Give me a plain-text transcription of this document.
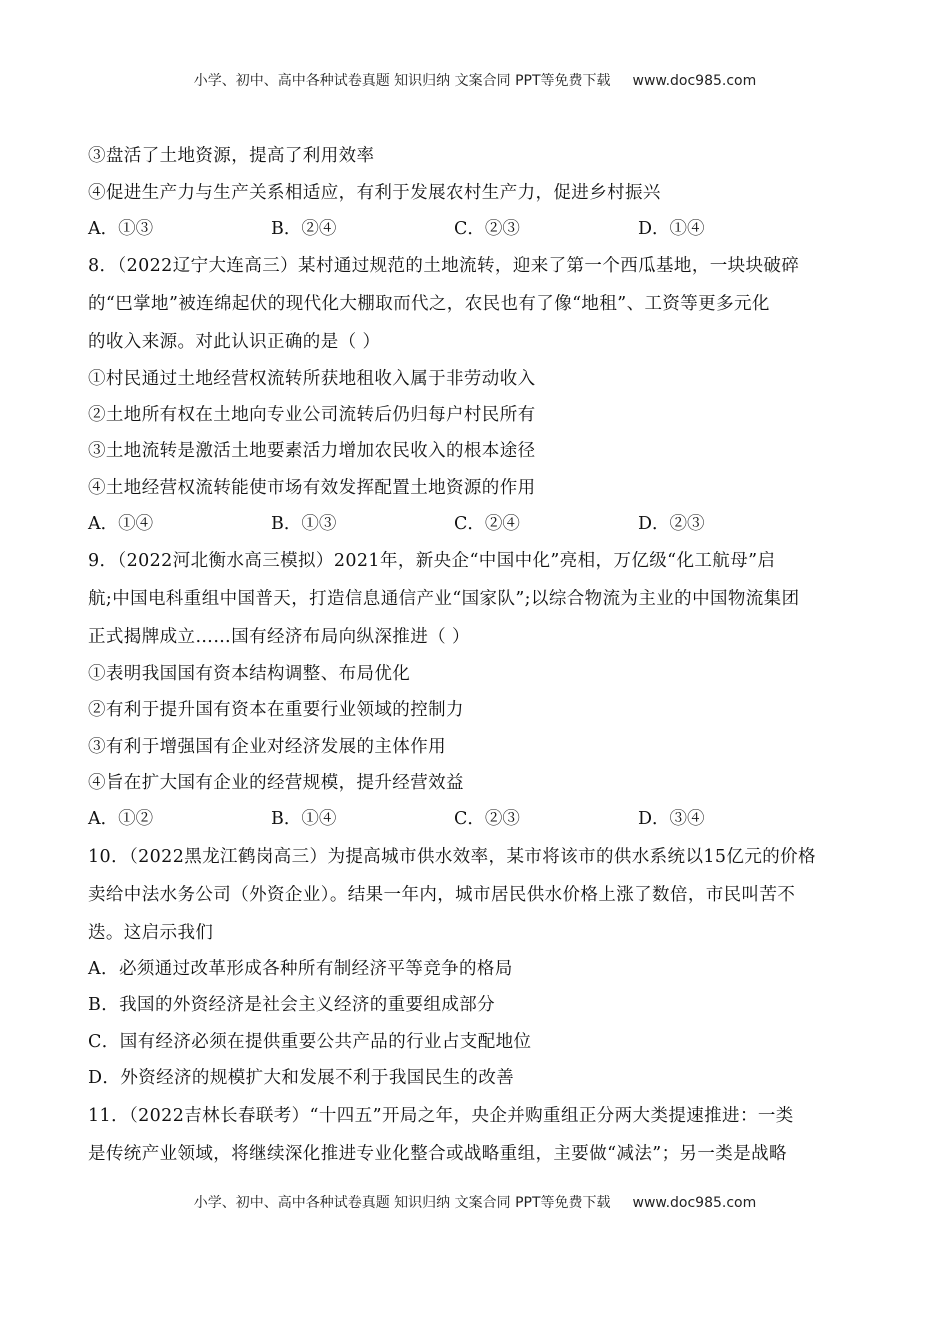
小学、初中、高中各种试卷真题 知识归纳 文案合同 PPT等免费下载 www.doc985.com
③盘活了土地资源，提高了利用效率
④促进生产力与生产关系相适应，有利于发展农村生产力，促进乡村振兴
A．①③	B．②④	C．②③	D．①④
8．（2022辽宁大连高三）某村通过规范的土地流转，迎来了第一个西瓜基地，一块块破碎
的“巴掌地”被连绵起伏的现代化大棚取而代之，农民也有了像“地租”、工资等更多元化
的收入来源。对此认识正确的是（ ）
①村民通过土地经营权流转所获地租收入属于非劳动收入
②土地所有权在土地向专业公司流转后仍归每户村民所有
③土地流转是激活土地要素活力增加农民收入的根本途径
④土地经营权流转能使市场有效发挥配置土地资源的作用
A．①④	B．①③	C．②④	D．②③
9．（2022河北衡水高三模拟）2021年，新央企“中国中化”亮相，万亿级“化工航母”启
航;中国电科重组中国普天，打造信息通信产业“国家队”;以综合物流为主业的中国物流集团
正式揭牌成立……国有经济布局向纵深推进（ ）
①表明我国国有资本结构调整、布局优化
②有利于提升国有资本在重要行业领域的控制力
③有利于增强国有企业对经济发展的主体作用
④旨在扩大国有企业的经营规模，提升经营效益
A．①②	B．①④	C．②③	D．③④
10．（2022黑龙江鹤岗高三）为提高城市供水效率，某市将该市的供水系统以15亿元的价格
卖给中法水务公司（外资企业）。结果一年内，城市居民供水价格上涨了数倍，市民叫苦不
迭。这启示我们
A．必须通过改革形成各种所有制经济平等竞争的格局
B．我国的外资经济是社会主义经济的重要组成部分
C．国有经济必须在提供重要公共产品的行业占支配地位
D．外资经济的规模扩大和发展不利于我国民生的改善
11．（2022吉林长春联考）“十四五”开局之年，央企并购重组正分两大类提速推进：一类
是传统产业领域，将继续深化推进专业化整合或战略重组，主要做“减法”；另一类是战略
小学、初中、高中各种试卷真题 知识归纳 文案合同 PPT等免费下载 www.doc985.com
